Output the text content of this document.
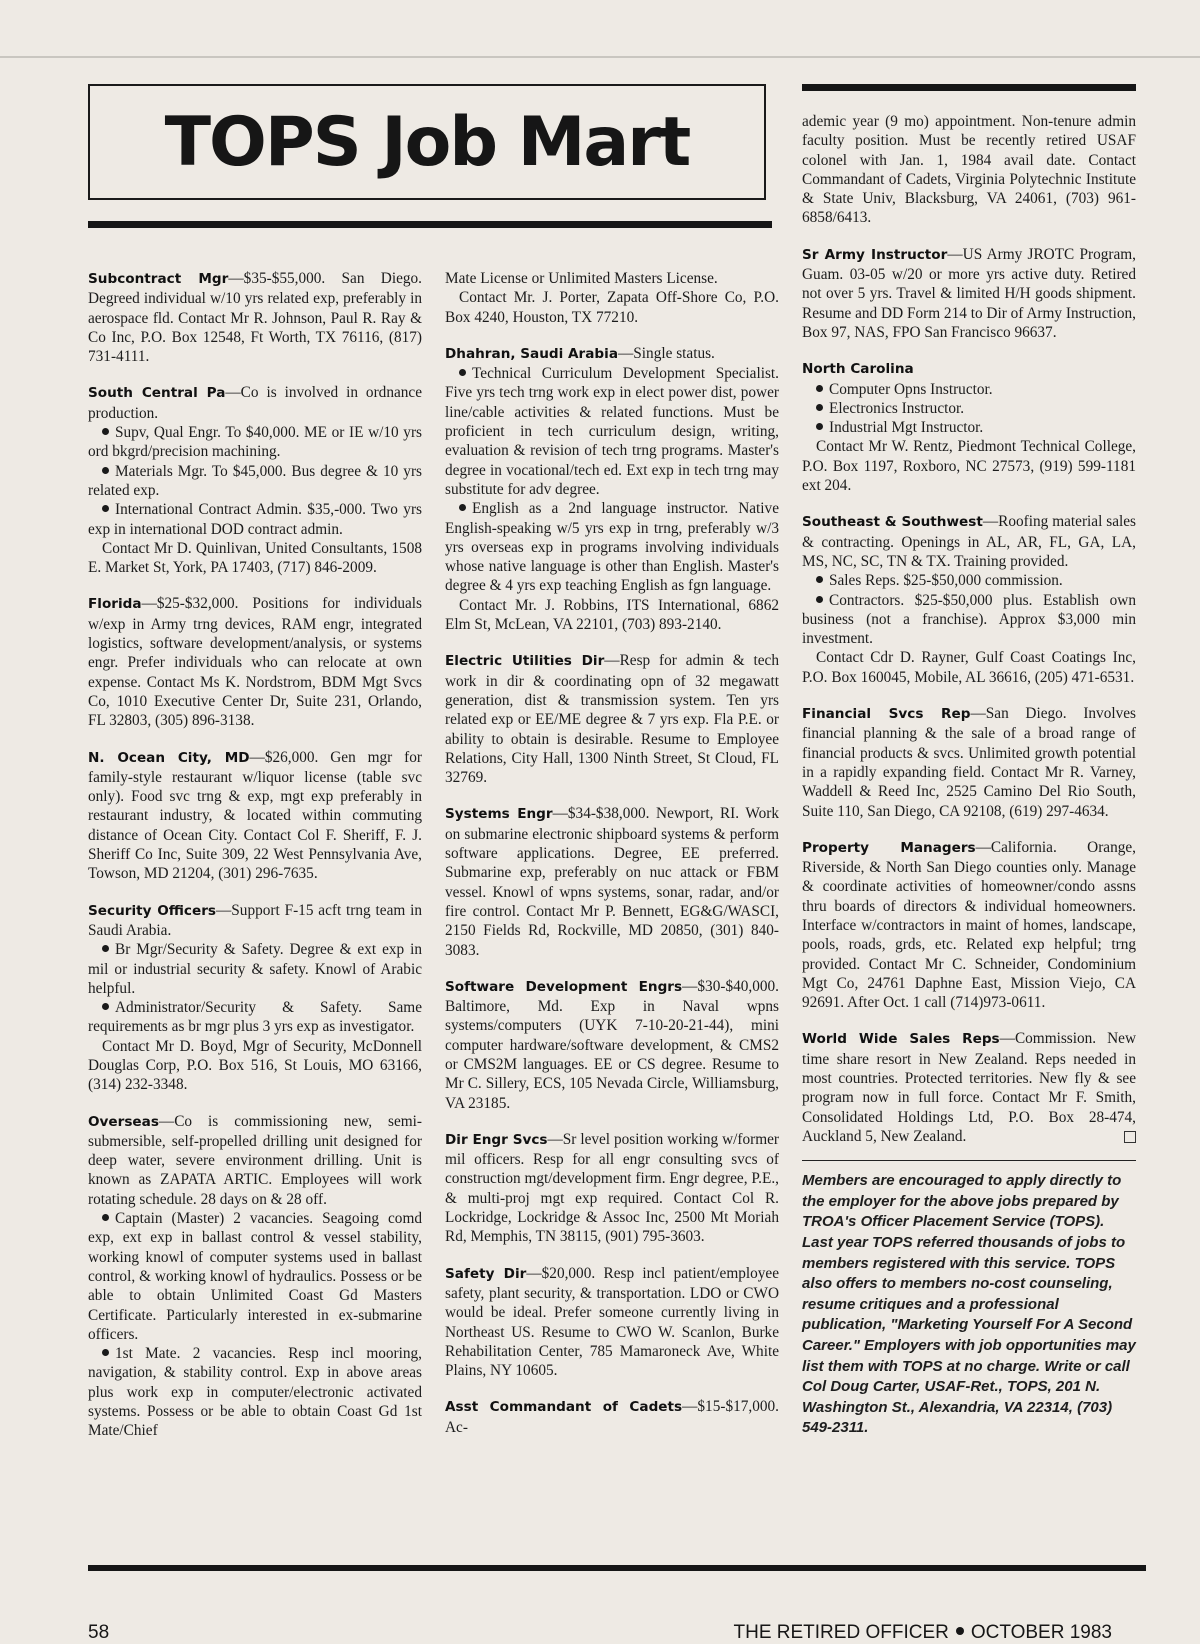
TOPS Job Mart

Subcontract Mgr—$35-$55,000. San Diego. Degreed individual w/10 yrs related exp, preferably in aerospace fld. Contact Mr R. Johnson, Paul R. Ray & Co Inc, P.O. Box 12548, Ft Worth, TX 76116, (817) 731-4111.

South Central Pa—Co is involved in ordnance production.

Supv, Qual Engr. To $40,000. ME or IE w/10 yrs ord bkgrd/precision machining.

Materials Mgr. To $45,000. Bus degree & 10 yrs related exp.

International Contract Admin. $35,-000. Two yrs exp in international DOD contract admin.

Contact Mr D. Quinlivan, United Consultants, 1508 E. Market St, York, PA 17403, (717) 846-2009.

Florida—$25-$32,000. Positions for individuals w/exp in Army trng devices, RAM engr, integrated logistics, software development/analysis, or systems engr. Prefer individuals who can relocate at own expense. Contact Ms K. Nordstrom, BDM Mgt Svcs Co, 1010 Executive Center Dr, Suite 231, Orlando, FL 32803, (305) 896-3138.

N. Ocean City, MD—$26,000. Gen mgr for family-style restaurant w/liquor license (table svc only). Food svc trng & exp, mgt exp preferably in restaurant industry, & located within commuting distance of Ocean City. Contact Col F. Sheriff, F. J. Sheriff Co Inc, Suite 309, 22 West Pennsylvania Ave, Towson, MD 21204, (301) 296-7635.

Security Officers—Support F-15 acft trng team in Saudi Arabia.

Br Mgr/Security & Safety. Degree & ext exp in mil or industrial security & safety. Knowl of Arabic helpful.

Administrator/Security & Safety. Same requirements as br mgr plus 3 yrs exp as investigator.

Contact Mr D. Boyd, Mgr of Security, McDonnell Douglas Corp, P.O. Box 516, St Louis, MO 63166, (314) 232-3348.

Overseas—Co is commissioning new, semi-submersible, self-propelled drilling unit designed for deep water, severe environment drilling. Unit is known as ZAPATA ARTIC. Employees will work rotating schedule. 28 days on & 28 off.

Captain (Master) 2 vacancies. Seagoing comd exp, ext exp in ballast control & vessel stability, working knowl of computer systems used in ballast control, & working knowl of hydraulics. Possess or be able to obtain Unlimited Coast Gd Masters Certificate. Particularly interested in ex-submarine officers.

1st Mate. 2 vacancies. Resp incl mooring, navigation, & stability control. Exp in above areas plus work exp in computer/electronic activated systems. Possess or be able to obtain Coast Gd 1st Mate/Chief

Mate License or Unlimited Masters License.

Contact Mr. J. Porter, Zapata Off-Shore Co, P.O. Box 4240, Houston, TX 77210.

Dhahran, Saudi Arabia—Single status.

Technical Curriculum Development Specialist. Five yrs tech trng work exp in elect power dist, power line/cable activities & related functions. Must be proficient in tech curriculum design, writing, evaluation & revision of tech trng programs. Master's degree in vocational/tech ed. Ext exp in tech trng may substitute for adv degree.

English as a 2nd language instructor. Native English-speaking w/5 yrs exp in trng, preferably w/3 yrs overseas exp in programs involving individuals whose native language is other than English. Master's degree & 4 yrs exp teaching English as fgn language.

Contact Mr. J. Robbins, ITS International, 6862 Elm St, McLean, VA 22101, (703) 893-2140.

Electric Utilities Dir—Resp for admin & tech work in dir & coordinating opn of 32 megawatt generation, dist & transmission system. Ten yrs related exp or EE/ME degree & 7 yrs exp. Fla P.E. or ability to obtain is desirable. Resume to Employee Relations, City Hall, 1300 Ninth Street, St Cloud, FL 32769.

Systems Engr—$34-$38,000. Newport, RI. Work on submarine electronic shipboard systems & perform software applications. Degree, EE preferred. Submarine exp, preferably on nuc attack or FBM vessel. Knowl of wpns systems, sonar, radar, and/or fire control. Contact Mr P. Bennett, EG&G/WASCI, 2150 Fields Rd, Rockville, MD 20850, (301) 840-3083.

Software Development Engrs—$30-$40,000. Baltimore, Md. Exp in Naval wpns systems/computers (UYK 7-10-20-21-44), mini computer hardware/software development, & CMS2 or CMS2M languages. EE or CS degree. Resume to Mr C. Sillery, ECS, 105 Nevada Circle, Williamsburg, VA 23185.

Dir Engr Svcs—Sr level position working w/former mil officers. Resp for all engr consulting svcs of construction mgt/development firm. Engr degree, P.E., & multi-proj mgt exp required. Contact Col R. Lockridge, Lockridge & Assoc Inc, 2500 Mt Moriah Rd, Memphis, TN 38115, (901) 795-3603.

Safety Dir—$20,000. Resp incl patient/employee safety, plant security, & transportation. LDO or CWO would be ideal. Prefer someone currently living in Northeast US. Resume to CWO W. Scanlon, Burke Rehabilitation Center, 785 Mamaroneck Ave, White Plains, NY 10605.

Asst Commandant of Cadets—$15-$17,000. Ac-

ademic year (9 mo) appointment. Non-tenure admin faculty position. Must be recently retired USAF colonel with Jan. 1, 1984 avail date. Contact Commandant of Cadets, Virginia Polytechnic Institute & State Univ, Blacksburg, VA 24061, (703) 961-6858/6413.

Sr Army Instructor—US Army JROTC Program, Guam. 03-05 w/20 or more yrs active duty. Retired not over 5 yrs. Travel & limited H/H goods shipment. Resume and DD Form 214 to Dir of Army Instruction, Box 97, NAS, FPO San Francisco 96637.

North Carolina

Computer Opns Instructor.

Electronics Instructor.

Industrial Mgt Instructor.

Contact Mr W. Rentz, Piedmont Technical College, P.O. Box 1197, Roxboro, NC 27573, (919) 599-1181 ext 204.

Southeast & Southwest—Roofing material sales & contracting. Openings in AL, AR, FL, GA, LA, MS, NC, SC, TN & TX. Training provided.

Sales Reps. $25-$50,000 commission.

Contractors. $25-$50,000 plus. Establish own business (not a franchise). Approx $3,000 min investment.

Contact Cdr D. Rayner, Gulf Coast Coatings Inc, P.O. Box 160045, Mobile, AL 36616, (205) 471-6531.

Financial Svcs Rep—San Diego. Involves financial planning & the sale of a broad range of financial products & svcs. Unlimited growth potential in a rapidly expanding field. Contact Mr R. Varney, Waddell & Reed Inc, 2525 Camino Del Rio South, Suite 110, San Diego, CA 92108, (619) 297-4634.

Property Managers—California. Orange, Riverside, & North San Diego counties only. Manage & coordinate activities of homeowner/condo assns thru boards of directors & individual homeowners. Interface w/contractors in maint of homes, landscape, pools, roads, grds, etc. Related exp helpful; trng provided. Contact Mr C. Schneider, Condominium Mgt Co, 24761 Daphne East, Mission Viejo, CA 92691. After Oct. 1 call (714)973-0611.

World Wide Sales Reps—Commission. New time share resort in New Zealand. Reps needed in most countries. Protected territories. New fly & see program now in full force. Contact Mr F. Smith, Consolidated Holdings Ltd, P.O. Box 28-474, Auckland 5, New Zealand.

Members are encouraged to apply directly to the employer for the above jobs prepared by TROA's Officer Placement Service (TOPS). Last year TOPS referred thousands of jobs to members registered with this service. TOPS also offers to members no-cost counseling, resume critiques and a professional publication, "Marketing Yourself For A Second Career." Employers with job opportunities may list them with TOPS at no charge. Write or call Col Doug Carter, USAF-Ret., TOPS, 201 N. Washington St., Alexandria, VA 22314, (703) 549-2311.

58	THE RETIRED OFFICER OCTOBER 1983
